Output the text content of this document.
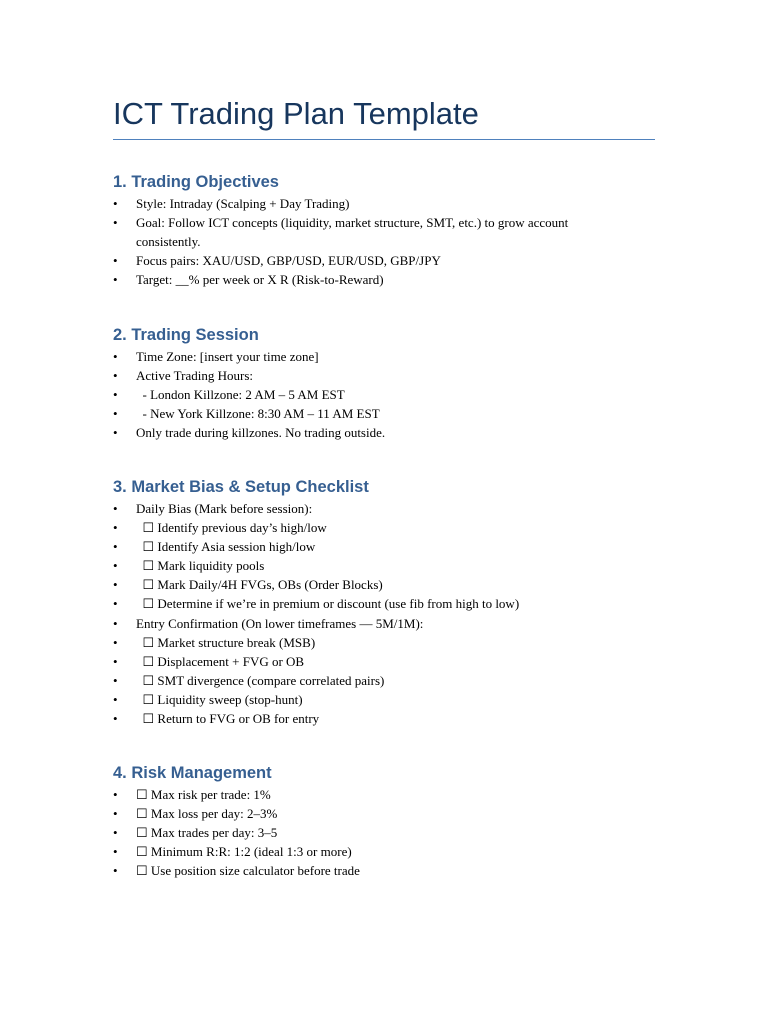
ICT Trading Plan Template
1. Trading Objectives
• Style: Intraday (Scalping + Day Trading)
• Goal: Follow ICT concepts (liquidity, market structure, SMT, etc.) to grow account
consistently.
• Focus pairs: XAU/USD, GBP/USD, EUR/USD, GBP/JPY
• Target: __% per week or X R (Risk-to-Reward)
2. Trading Session
• Time Zone: [insert your time zone]
• Active Trading Hours:
• - London Killzone: 2 AM – 5 AM EST
• - New York Killzone: 8:30 AM – 11 AM EST
• Only trade during killzones. No trading outside.
3. Market Bias & Setup Checklist
• Daily Bias (Mark before session):
• ☐ Identify previous day’s high/low
• ☐ Identify Asia session high/low
• ☐ Mark liquidity pools
• ☐ Mark Daily/4H FVGs, OBs (Order Blocks)
• ☐ Determine if we’re in premium or discount (use fib from high to low)
• Entry Confirmation (On lower timeframes — 5M/1M):
• ☐ Market structure break (MSB)
• ☐ Displacement + FVG or OB
• ☐ SMT divergence (compare correlated pairs)
• ☐ Liquidity sweep (stop-hunt)
• ☐ Return to FVG or OB for entry
4. Risk Management
• ☐ Max risk per trade: 1%
• ☐ Max loss per day: 2–3%
• ☐ Max trades per day: 3–5
• ☐ Minimum R:R: 1:2 (ideal 1:3 or more)
• ☐ Use position size calculator before trade
